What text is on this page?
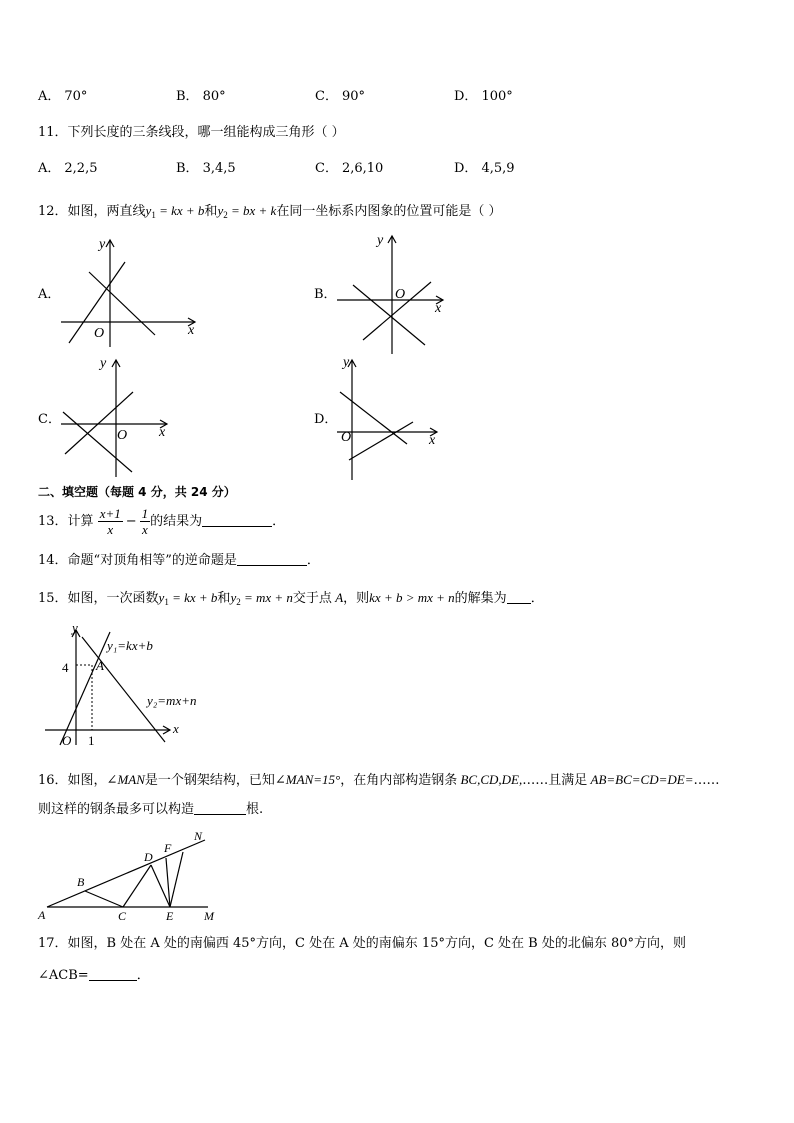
A． 70°	B． 80°	C． 90°	D． 100°
11．下列长度的三条线段，哪一组能构成三角形（ ）
A． 2,2,5	B． 3,4,5	C． 2,6,10	D． 4,5,9
12．如图，两直线$y_1$ = kx + b和$y_2$ = bx + k在同一坐标系内图象的位置可能是（ ）
A．	B．
C．	D．
x
y
O
x
y
O
x
y
O	x
y
O
二、填空题（每题 4 分，共 24 分）
13．计算 $\frac{x+1}{x} - \frac{1}{x}$ 的结果为	．
14．命题“对顶角相等”的逆命题是	．
15．如图，一次函数$y_1$ = kx + b和$y_2$ = mx + n交于点 A，则kx + b > mx + n的解集为 ．
y
x
O
4
1
A
y₁=kx+b
y₂=mx+n
16．如图，∠MAN是一个钢架结构，已知∠MAN=15°，在角内部构造钢条 BC,CD,DE,……且满足 AB=BC=CD=DE=……
则这样的钢条最多可以构造	根.
A
B
C
D
E
F
M
N
17．如图，B 处在 A 处的南偏西 45°方向，C 处在 A 处的南偏东 15°方向，C 处在 B 处的北偏东 80°方向，则
∠ACB=	．
